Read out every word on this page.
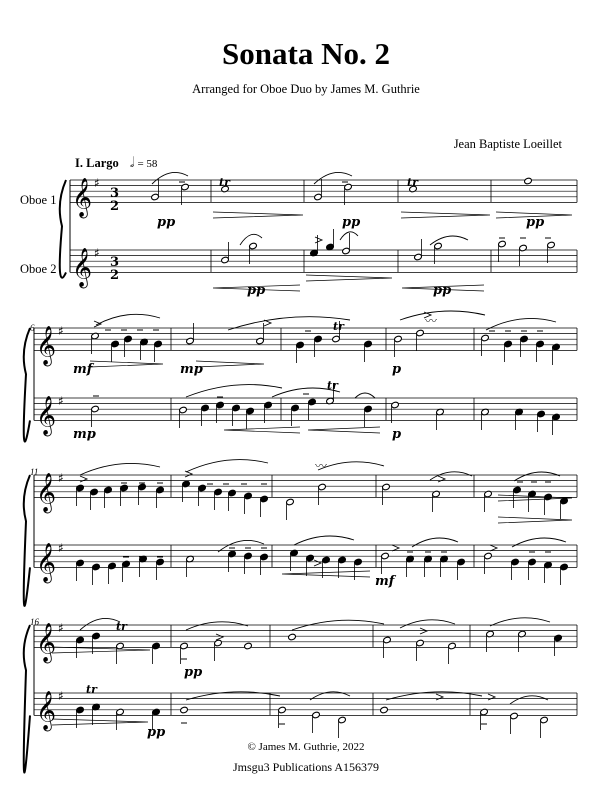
Sonata No. 2
Arranged for Oboe Duo by James M. Guthrie
Jean Baptiste Loeillet
I. Largo 𝅗𝅥 = 58
Oboe 1
Oboe 2
𝄞 ♯
𝄞 ♯
𝄞 ♯
𝄞 ♯
𝄞 ♯
𝄞 ♯
𝄞 ♯
𝄞 ♯
3
2
3
2
6
11
16
tr	tr
tr
tr
tr
tr
〰
〰
pp	pp	pp
pp	pp
mf	mp	p
mp	p
mf
pp
pp
© James M. Guthrie, 2022
Jmsgu3 Publications A156379
